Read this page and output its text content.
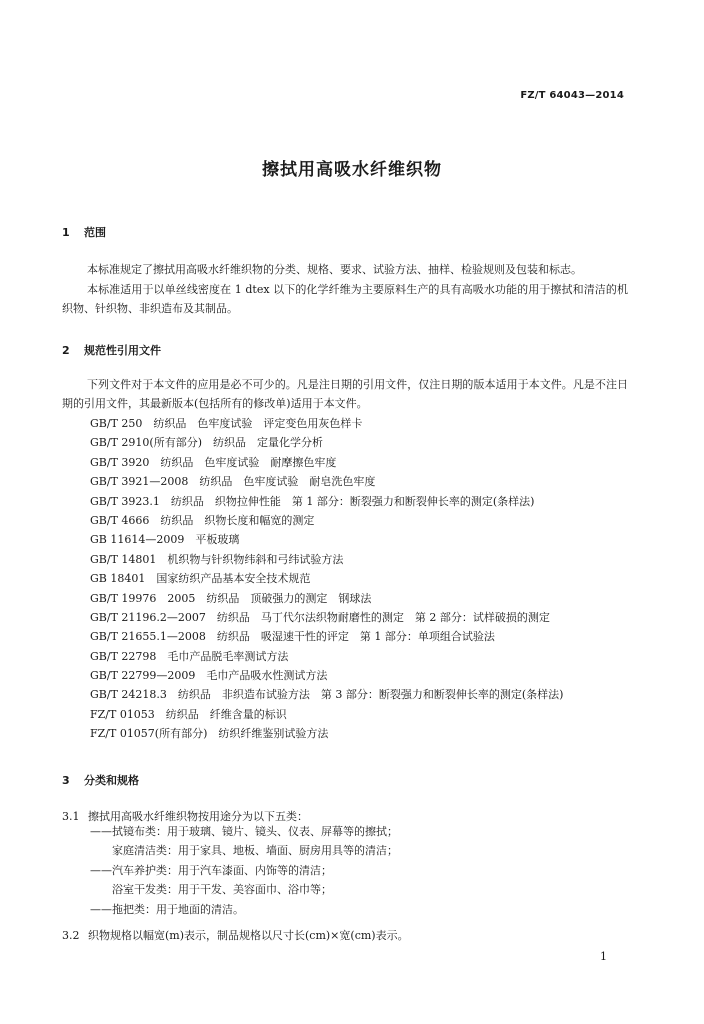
FZ/T 64043—2014
擦拭用高吸水纤维织物
1 范围
本标准规定了擦拭用高吸水纤维织物的分类、规格、要求、试验方法、抽样、检验规则及包装和标志。
本标准适用于以单丝线密度在 1 dtex 以下的化学纤维为主要原料生产的具有高吸水功能的用于擦拭和清洁的机织物、针织物、非织造布及其制品。
2 规范性引用文件
下列文件对于本文件的应用是必不可少的。凡是注日期的引用文件，仅注日期的版本适用于本文件。凡是不注日期的引用文件，其最新版本(包括所有的修改单)适用于本文件。
GB/T 250　纺织品　色牢度试验　评定变色用灰色样卡
GB/T 2910(所有部分)　纺织品　定量化学分析
GB/T 3920　纺织品　色牢度试验　耐摩擦色牢度
GB/T 3921—2008　纺织品　色牢度试验　耐皂洗色牢度
GB/T 3923.1　纺织品　织物拉伸性能　第 1 部分：断裂强力和断裂伸长率的测定(条样法)
GB/T 4666　纺织品　织物长度和幅宽的测定
GB 11614—2009　平板玻璃
GB/T 14801　机织物与针织物纬斜和弓纬试验方法
GB 18401　国家纺织产品基本安全技术规范
GB/T 19976　2005　纺织品　顶破强力的测定　钢球法
GB/T 21196.2—2007　纺织品　马丁代尔法织物耐磨性的测定　第 2 部分：试样破损的测定
GB/T 21655.1—2008　纺织品　吸湿速干性的评定　第 1 部分：单项组合试验法
GB/T 22798　毛巾产品脱毛率测试方法
GB/T 22799—2009　毛巾产品吸水性测试方法
GB/T 24218.3　纺织品　非织造布试验方法　第 3 部分：断裂强力和断裂伸长率的测定(条样法)
FZ/T 01053　纺织品　纤维含量的标识
FZ/T 01057(所有部分)　纺织纤维鉴别试验方法
3 分类和规格
3.1 擦拭用高吸水纤维织物按用途分为以下五类：
——拭镜布类：用于玻璃、镜片、镜头、仪表、屏幕等的擦拭；
　　家庭清洁类：用于家具、地板、墙面、厨房用具等的清洁；
——汽车养护类：用于汽车漆面、内饰等的清洁；
　　浴室干发类：用于干发、美容面巾、浴巾等；
——拖把类：用于地面的清洁。
3.2 织物规格以幅宽(m)表示，制品规格以尺寸长(cm)×宽(cm)表示。
1
